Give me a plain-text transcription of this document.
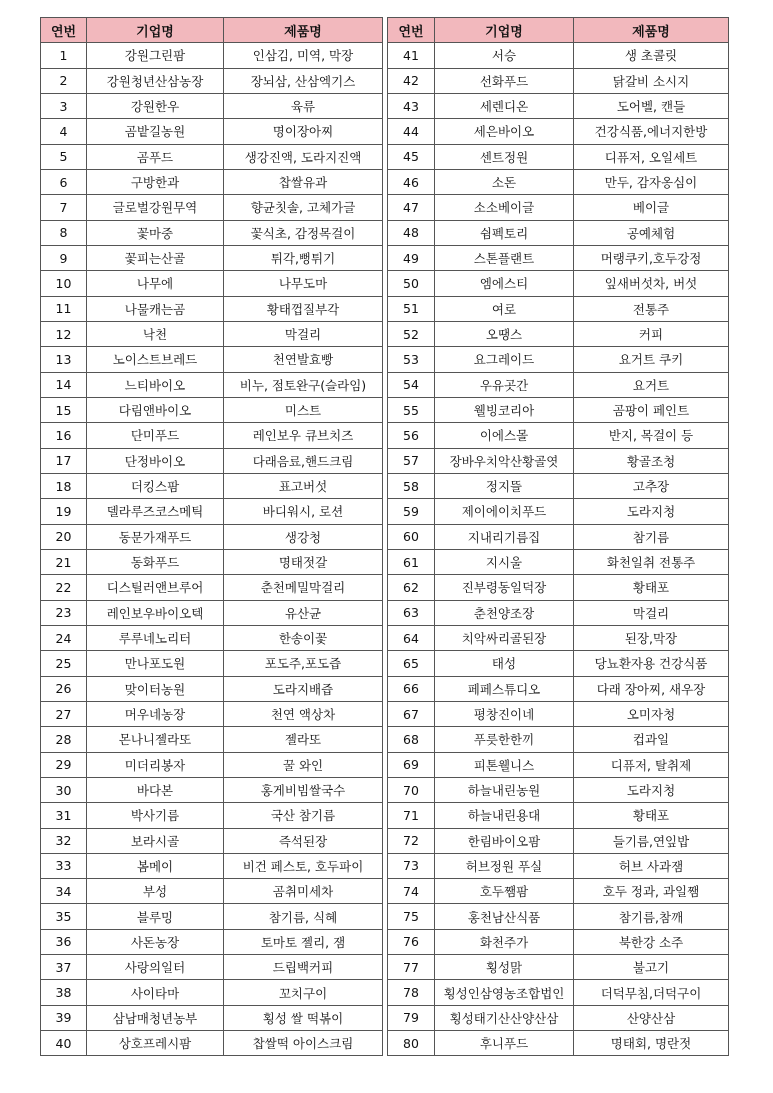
연번	기업명	제품명
1	강원그린팜	인삼김, 미역, 막장
2	강원청년산삼농장	장뇌삼, 산삼엑기스
3	강원한우	육류
4	곰밭길농원	명이장아찌
5	곰푸드	생강진액, 도라지진액
6	구방한과	찹쌀유과
7	글로벌강원무역	향균칫솔, 고체가글
8	꽃마중	꽃식초, 감정목걸이
9	꽃피는산골	튀각,뻥튀기
10	나무에	나무도마
11	나물캐는곰	황태껍질부각
12	낙천	막걸리
13	노이스트브레드	천연발효빵
14	느티바이오	비누, 점토완구(슬라임)
15	다림앤바이오	미스트
16	단미푸드	레인보우 큐브치즈
17	단정바이오	다래음료,핸드크림
18	더킹스팜	표고버섯
19	델라루즈코스메틱	바디워시, 로션
20	동문가재푸드	생강청
21	동화푸드	명태젓갈
22	디스틸러앤브루어	춘천메밀막걸리
23	레인보우바이오텍	유산균
24	루루네노리터	한송이꽃
25	만나포도원	포도주,포도즙
26	맞이터농원	도라지배즙
27	머우네농장	천연 액상차
28	몬나니젤라또	젤라또
29	미더리봉자	꿀 와인
30	바다본	홍게비빔쌀국수
31	박사기름	국산 참기름
32	보라시골	즉석된장
33	봄메이	비건 페스토, 호두파이
34	부성	곰취미세차
35	블루밍	참기름, 식혜
36	사돈농장	토마토 젤리, 잼
37	사랑의일터	드립백커피
38	사이타마	꼬치구이
39	삼남매청년농부	횡성 쌀 떡볶이
40	상호프레시팜	찹쌀떡 아이스크림
연번	기업명	제품명
41	서승	생 초콜릿
42	선화푸드	닭갈비 소시지
43	세렌디온	도어벨, 캔들
44	세은바이오	건강식품,에너지한방
45	센트정원	디퓨저, 오일세트
46	소돈	만두, 감자옹심이
47	소소베이글	베이글
48	쉼펙토리	공예체험
49	스톤플랜트	머랭쿠키,호두강정
50	엠에스티	잎새버섯차, 버섯
51	여로	전통주
52	오땡스	커피
53	요그레이드	요거트 쿠키
54	우유곳간	요거트
55	웰빙코리아	곰팡이 페인트
56	이에스몰	반지, 목걸이 등
57	장바우치악산황골엿	황골조청
58	정지뜰	고추장
59	제이에이치푸드	도라지청
60	지내리기름집	참기름
61	지시울	화천일취 전통주
62	진부령동일덕장	황태포
63	춘천양조장	막걸리
64	치악싸리골된장	된장,막장
65	태성	당뇨환자용 건강식품
66	페페스튜디오	다래 장아찌, 새우장
67	평창진이네	오미자청
68	푸릇한한끼	컵과일
69	피톤웰니스	디퓨저, 탈취제
70	하늘내린농원	도라지청
71	하늘내린용대	황태포
72	한림바이오팜	들기름,연잎밥
73	허브정원 푸실	허브 사과잼
74	호두쨈팜	호두 정과, 과일쨈
75	홍천남산식품	참기름,참깨
76	화천주가	북한강 소주
77	횡성맑	불고기
78	횡성인삼영농조합법인	더덕무침,더덕구이
79	횡성태기산산양산삼	산양산삼
80	후니푸드	명태회, 명란젓
